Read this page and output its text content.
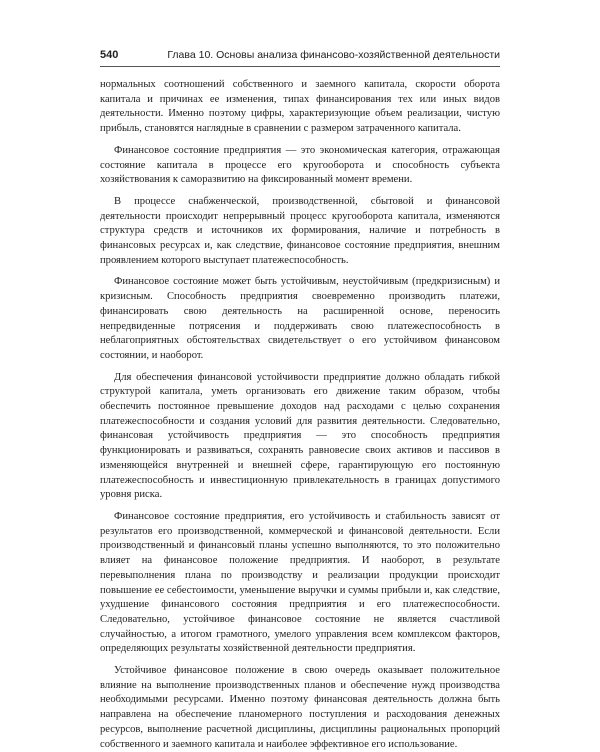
540	Глава 10. Основы анализа финансово-хозяйственной деятельности

нормальных соотношений собственного и заемного капитала, скорости оборота капитала и причинах ее изменения, типах финансирования тех или иных видов деятельности. Именно поэтому цифры, характеризующие объем реализации, чистую прибыль, становятся наглядные в сравнении с размером затраченного капитала.

Финансовое состояние предприятия — это экономическая категория, отражающая состояние капитала в процессе его кругооборота и способность субъекта хозяйствования к саморазвитию на фиксированный момент времени.

В процессе снабженческой, производственной, сбытовой и финансовой деятельности происходит непрерывный процесс кругооборота капитала, изменяются структура средств и источников их формирования, наличие и потребность в финансовых ресурсах и, как следствие, финансовое состояние предприятия, внешним проявлением которого выступает платежеспособность.

Финансовое состояние может быть устойчивым, неустойчивым (предкризисным) и кризисным. Способность предприятия своевременно производить платежи, финансировать свою деятельность на расширенной основе, переносить непредвиденные потрясения и поддерживать свою платежеспособность в неблагоприятных обстоятельствах свидетельствует о его устойчивом финансовом состоянии, и наоборот.

Для обеспечения финансовой устойчивости предприятие должно обладать гибкой структурой капитала, уметь организовать его движение таким образом, чтобы обеспечить постоянное превышение доходов над расходами с целью сохранения платежеспособности и создания условий для развития деятельности. Следовательно, финансовая устойчивость предприятия — это способность предприятия функционировать и развиваться, сохранять равновесие своих активов и пассивов в изменяющейся внутренней и внешней сфере, гарантирующую его постоянную платежеспособность и инвестиционную привлекательность в границах допустимого уровня риска.

Финансовое состояние предприятия, его устойчивость и стабильность зависят от результатов его производственной, коммерческой и финансовой деятельности. Если производственный и финансовый планы успешно выполняются, то это положительно влияет на финансовое положение предприятия. И наоборот, в результате перевыполнения плана по производству и реализации продукции происходит повышение ее себестоимости, уменьшение выручки и суммы прибыли и, как следствие, ухудшение финансового состояния предприятия и его платежеспособности. Следовательно, устойчивое финансовое состояние не является счастливой случайностью, а итогом грамотного, умелого управления всем комплексом факторов, определяющих результаты хозяйственной деятельности предприятия.

Устойчивое финансовое положение в свою очередь оказывает положительное влияние на выполнение производственных планов и обеспечение нужд производства необходимыми ресурсами. Именно поэтому финансовая деятельность должна быть направлена на обеспечение планомерного поступления и расходования денежных ресурсов, выполнение расчетной дисциплины, дисциплины рациональных пропорций собственного и заемного капитала и наиболее эффективное его использование.
